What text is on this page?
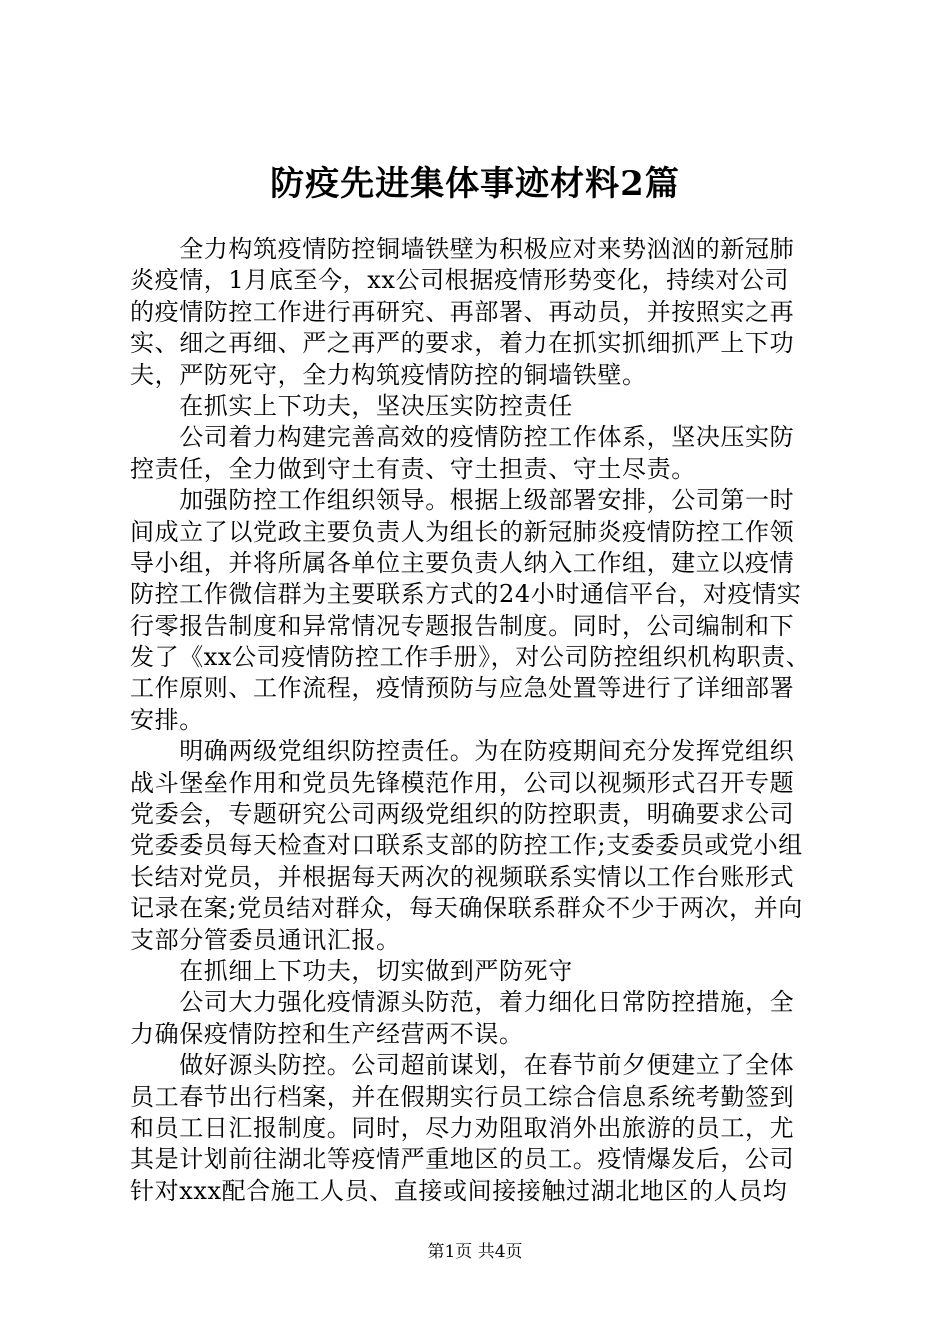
防疫先进集体事迹材料2篇
　　全力构筑疫情防控铜墙铁壁为积极应对来势汹汹的新冠肺
炎疫情，1月底至今，xx公司根据疫情形势变化，持续对公司
的疫情防控工作进行再研究、再部署、再动员，并按照实之再
实、细之再细、严之再严的要求，着力在抓实抓细抓严上下功
夫，严防死守，全力构筑疫情防控的铜墙铁壁。
　　在抓实上下功夫，坚决压实防控责任
　　公司着力构建完善高效的疫情防控工作体系，坚决压实防
控责任，全力做到守土有责、守土担责、守土尽责。
　　加强防控工作组织领导。根据上级部署安排，公司第一时
间成立了以党政主要负责人为组长的新冠肺炎疫情防控工作领
导小组，并将所属各单位主要负责人纳入工作组，建立以疫情
防控工作微信群为主要联系方式的24小时通信平台，对疫情实
行零报告制度和异常情况专题报告制度。同时，公司编制和下
发了《xx公司疫情防控工作手册》，对公司防控组织机构职责、
工作原则、工作流程，疫情预防与应急处置等进行了详细部署
安排。
　　明确两级党组织防控责任。为在防疫期间充分发挥党组织
战斗堡垒作用和党员先锋模范作用，公司以视频形式召开专题
党委会，专题研究公司两级党组织的防控职责，明确要求公司
党委委员每天检查对口联系支部的防控工作;支委委员或党小组
长结对党员，并根据每天两次的视频联系实情以工作台账形式
记录在案;党员结对群众，每天确保联系群众不少于两次，并向
支部分管委员通讯汇报。
　　在抓细上下功夫，切实做到严防死守
　　公司大力强化疫情源头防范，着力细化日常防控措施，全
力确保疫情防控和生产经营两不误。
　　做好源头防控。公司超前谋划，在春节前夕便建立了全体
员工春节出行档案，并在假期实行员工综合信息系统考勤签到
和员工日汇报制度。同时，尽力劝阻取消外出旅游的员工，尤
其是计划前往湖北等疫情严重地区的员工。疫情爆发后，公司
针对xxx配合施工人员、直接或间接接触过湖北地区的人员均
第1页 共4页
